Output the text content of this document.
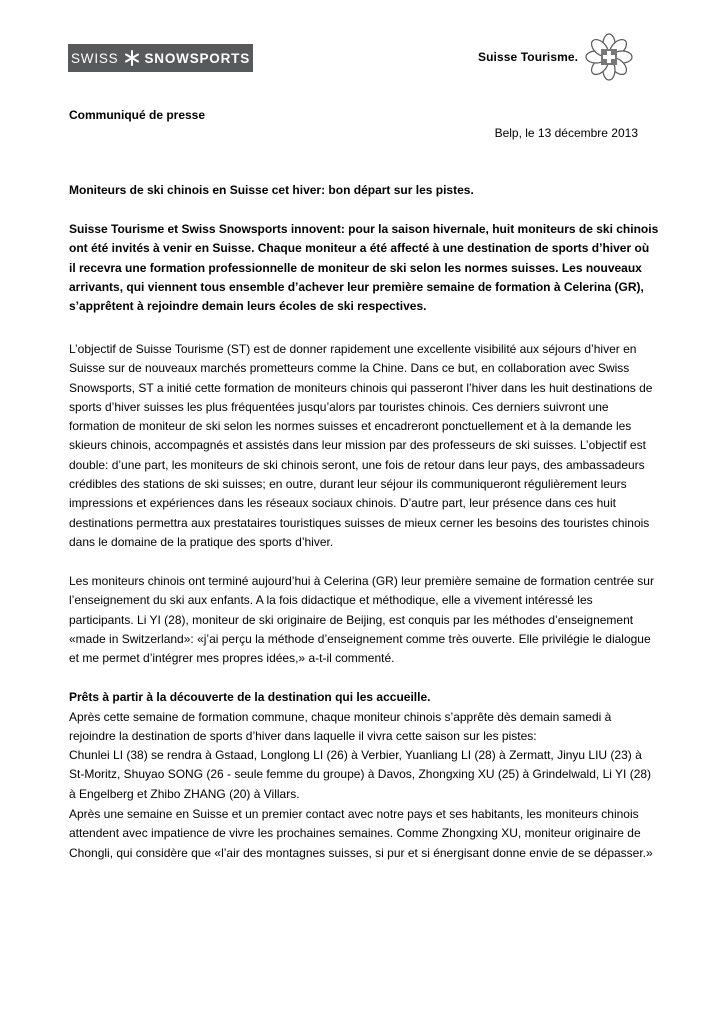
SWISS SNOWSPORTS	Suisse Tourisme.
Communiqué de presse
Belp, le 13 décembre 2013
Moniteurs de ski chinois en Suisse cet hiver: bon départ sur les pistes.

Suisse Tourisme et Swiss Snowsports innovent: pour la saison hivernale, huit moniteurs de ski chinois ont été invités à venir en Suisse. Chaque moniteur a été affecté à une destination de sports d’hiver où il recevra une formation professionnelle de moniteur de ski selon les normes suisses. Les nouveaux arrivants, qui viennent tous ensemble d’achever leur première semaine de formation à Celerina (GR), s’apprêtent à rejoindre demain leurs écoles de ski respectives.

L’objectif de Suisse Tourisme (ST) est de donner rapidement une excellente visibilité aux séjours d’hiver en Suisse sur de nouveaux marchés prometteurs comme la Chine. Dans ce but, en collaboration avec Swiss Snowsports, ST a initié cette formation de moniteurs chinois qui passeront l’hiver dans les huit destinations de sports d’hiver suisses les plus fréquentées jusqu’alors par touristes chinois. Ces derniers suivront une formation de moniteur de ski selon les normes suisses et encadreront ponctuellement et à la demande les skieurs chinois, accompagnés et assistés dans leur mission par des professeurs de ski suisses. L’objectif est double: d’une part, les moniteurs de ski chinois seront, une fois de retour dans leur pays, des ambassadeurs crédibles des stations de ski suisses; en outre, durant leur séjour ils communiqueront régulièrement leurs impressions et expériences dans les réseaux sociaux chinois. D’autre part, leur présence dans ces huit destinations permettra aux prestataires touristiques suisses de mieux cerner les besoins des touristes chinois dans le domaine de la pratique des sports d’hiver.

Les moniteurs chinois ont terminé aujourd’hui à Celerina (GR) leur première semaine de formation centrée sur l’enseignement du ski aux enfants. A la fois didactique et méthodique, elle a vivement intéressé les participants. Li YI (28), moniteur de ski originaire de Beijing, est conquis par les méthodes d’enseignement «made in Switzerland»: «j’ai perçu la méthode d’enseignement comme très ouverte. Elle privilégie le dialogue et me permet d’intégrer mes propres idées,» a-t-il commenté.

Prêts à partir à la découverte de la destination qui les accueille.

Après cette semaine de formation commune, chaque moniteur chinois s’apprête dès demain samedi à rejoindre la destination de sports d’hiver dans laquelle il vivra cette saison sur les pistes:

Chunlei LI (38) se rendra à Gstaad, Longlong LI (26) à Verbier, Yuanliang LI (28) à Zermatt, Jinyu LIU (23) à St-Moritz, Shuyao SONG (26 - seule femme du groupe) à Davos, Zhongxing XU (25) à Grindelwald, Li YI (28) à Engelberg et Zhibo ZHANG (20) à Villars.

Après une semaine en Suisse et un premier contact avec notre pays et ses habitants, les moniteurs chinois attendent avec impatience de vivre les prochaines semaines. Comme Zhongxing XU, moniteur originaire de Chongli, qui considère que «l’air des montagnes suisses, si pur et si énergisant donne envie de se dépasser.»
